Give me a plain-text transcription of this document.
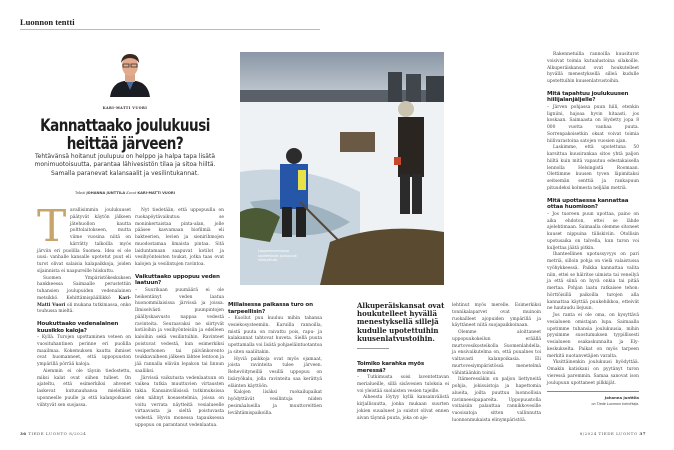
Luonnon tentti
KARI-MATTI VUORI
Kannattaako joulukuusi
heittää järveen?
Tehtävänsä hoitanut joulupuu on helppo ja halpa tapa lisätä monimuotoisuutta, parantaa lähivesistön tilaa ja sitoa hiiltä. Samalla paranevat kalansaalit ja vesilintukannat.
Teksti JOHANNA JUNTTILA Kuvat KARI-MATTI VUORI
T avallisimmin joulukuuset päätyvät käytön jälkeen jätehuollon kautta polttolaitokseen, mutta viime vuosina niitä on kärrätty talkoilla myös järviin eri puolilla Suomea. Idea ei ole uusi: vanhalle kansalle upotetut puut eli turot olivat salaisia kalapaikkoja, joiden sijainnista ei naapureille hiiskuttu.

Suomen Ympäristökeskuksen hankkeessa Saimaalle perustettiin tuhansien joulupuiden vedenalainen metsikkö. Kehittämispäällikkö Kari-Matti Vuori oli mukana tutkimassa, onko touhussa mieltä.

Houkuttaako vedenalainen kuusikko kaloja?

– Kyllä. Turojen upottaminen veteen on vuosituhantinen perinne eri puolilla maailmaa. Kokemuksen kautta ihmiset ovat huomanneet, että uppopuuston ympärillä pörrää kaloja.

Aiemmin ei ole täysin tiedostettu, miksi kalat ovat siihen tulleet. On ajateltu, että esimerkiksi ahvenet laskevat kutunauhansa mielellään uponneelle puulle ja että kalanpoikaset viihtyvät sen suojassa.

Nyt tiedetään, että uppopuulla on ruokapöytävaikutus: se moninkertaistaa pinta-alan, jolle pääsee kasvamaan biofilmiä eli bakteerien, levien ja sienirihmojen muodostamaa limaista pintaa. Sitä laiduntamaan saapuvat kotilot ja vesihyönteisten toukat, jotka taas ovat kalojen ja vesilintujen ravintoa.

Vaikuttaako uppopuu veden laatuun?

– Suurikaan puumäärä ei ole heikentänyt veden laatua huonommilaisissa järvissä ja joissa. Ilmiselvästi puunpintojen päällyskasvusto nappaa vedestä ravinteita. Seuraavaksi ne siirtyvät kotiloihin ja vesihyönteisiin ja edelleen kaloihin sekä vesilintuihin. Ravinteet poistuvat vedestä, kun esimerkiksi vesiperhonen tai päivänkorento toukkavaiheen jälkeen lähtee lentoon ja jää rannalla elävän lepakon tai linnun saaliiksi.

Järvissä vaikutusta vedenlaatuun on vaikea tutkia muuttuvien virtausten takia. Kansainvälisissä tutkimuksissa olen nähnyt koeasetelmia, joissa on voitu verrata näytteitä vesialueelle virtaavasta ja sieltä poistuvasta vedestä. Hyvin monessa tapauksessa uppopuu on parantanut vedenlaatua.

Lappeenrannassa upotettavat joulupuut: rotaryklubi.
Millaisessa paikassa turo on tarpeellisin?

– Kuollut puu kuuluu mihin tahansa vesiekosysteemiin. Karuilla rannoilla, mistä puuta on raivattu pois, rapu- ja kalakannat tahtovat huveta. Siellä puuta upottamalla voi lisätä pohjaeläintuotantoa ja siten saaliitakin.

Hyviä paikkoja ovat myös ojamaat, joista ravinteita tulee järveen. Rehevöityneillä vesillä uppopuu on lisäryökalu, jolla ravinteita saa kerättyä eläinten käyttöön.

Kalojen lisäksi ruokailupaikat hyödyttävät vesilintuja niiden pesimäalueilla ja muuttoreittien levähtämispaikoilla.

Alkuperäiskansat ovat houkutelleet hyvällä menestyksellä sillejä kudulle upotettuihin kuusenlatvustoihin.
Toimiko karahka myös meressä?

– Tutkimusta soisi laventettavan merialueille, sillä sisävesien tuloksia ei voi yleistää suolaisten vesien tajeille.

Aiheesta löytyy kyllä kansainvälistä kirjallisuutta, jonka mukaan suurten jokien suualueet ja suistot olivat ennen aivan täynnä puuta, joka on aje-

lehtinut myös merelle. Esimerkiksi tonnikalaparvet ovat muinoin ruokailleet ajopuiden ympärillä ja käyttäneet niitä suojapaikkoinaan.

Olemme aloittaneet uppopuukokeilun eräällä murtovesikosteikolla Suomenlahdella, ja ensivaikutelma on, että puualnes toi valtavasti kalanpoikasia. Eli murtovesiympäristössä menetelmä vähintäänkin toimii.

Itämeressäkin on paljon liettyneitä pohjia, jokisuistoja ja hapettomia alueita, joilta puuttuu luonnollisia ravinneesipapareita. Uppopuustolla voitaisiin palauttaa rannikkovesille vuosisatoja sitten vallinnutta luonnonmukaista elinympäristöä.

Rakennetuilla rannoilla kuusiturot voisivat toimia kutualustoina silakoille. Alkuperäiskansat ovat houkutelleet hyvällä menestyksellä silleä kudulle upotettuihin kuusenlatvustoihin.

Mitä tapahtuu joulukuusen hiilijalanjäljelle?

– Järven pohjassa puun hiili, etenkin ligniini, hajoaa hyvin hitaasti, jos koskaan. Saimaasta on löydetty jopa 8 000 vuotta vanhaa puuta. Sorrenpakoisetkin oksat voivat toimia hiilivarastoina satojen vuosien ajan.

Laskimme, että upotettuna 50 karsittua kuusirankaa sitoo yhtä paljon hiiltä kuin mitä vapautuu edestakaisella lennolla Helsingistä Roomaan. Olettimme kuusen tyven läpimitaksi seitsemän senttiä ja rankapuun pituudeksi kolmesta neljään metriä.

Mitä upottaessa kannattaa ottaa huomioon?

– Jos tuoreen puun upottaa, paino on aika ehdoton, ettei se lähde ajelehtimaan. Saimaalla olemme sitoneet kuuset nippuina tiiliskiviin. Otollisin upotusaika on talvella, kun turon voi kuljettaa jäätä pitkin.

Ihanteellinen upotussyvyys on pari metriä, silloin pohja on vielä valaistussa vyöhykkeessä. Paikka kannattaa valita niin, ettei se häiritse uimista tai veneilyä ja että siinä on hyvä onkia tai pitää mertaa. Pohjan laatu ratkaisee tehon: hörttöisillä paikoilla turojen alla kannattaa käyttää puukehikkoa, etteivät ne hautaudu liejuun.

Jos ranta ei ole oma, on kysyttävä vesialueen omistajan lupa. Saimaalla upotimme tuhansia joulukuusia, mihin pyysimme suostumuksen tyypillisesti vesialueen osakaskunnalta ja Ely-keskukselta. Paikat on myös tarpeen merkitä nuotanvetäjien varalta.

Yksittäinenkin joulukuusi hyödyttää. Omakin katiskani on pyytänyt turon vieressä paremmin. Samaa sanovat ison joulupuun upottaneet pilkkijät.

Johanna Junttila
on Tiede Luonnon toimittaja.
36 TIEDE LUONTO 8/2024	8/2024 TIEDE LUONTO 37
